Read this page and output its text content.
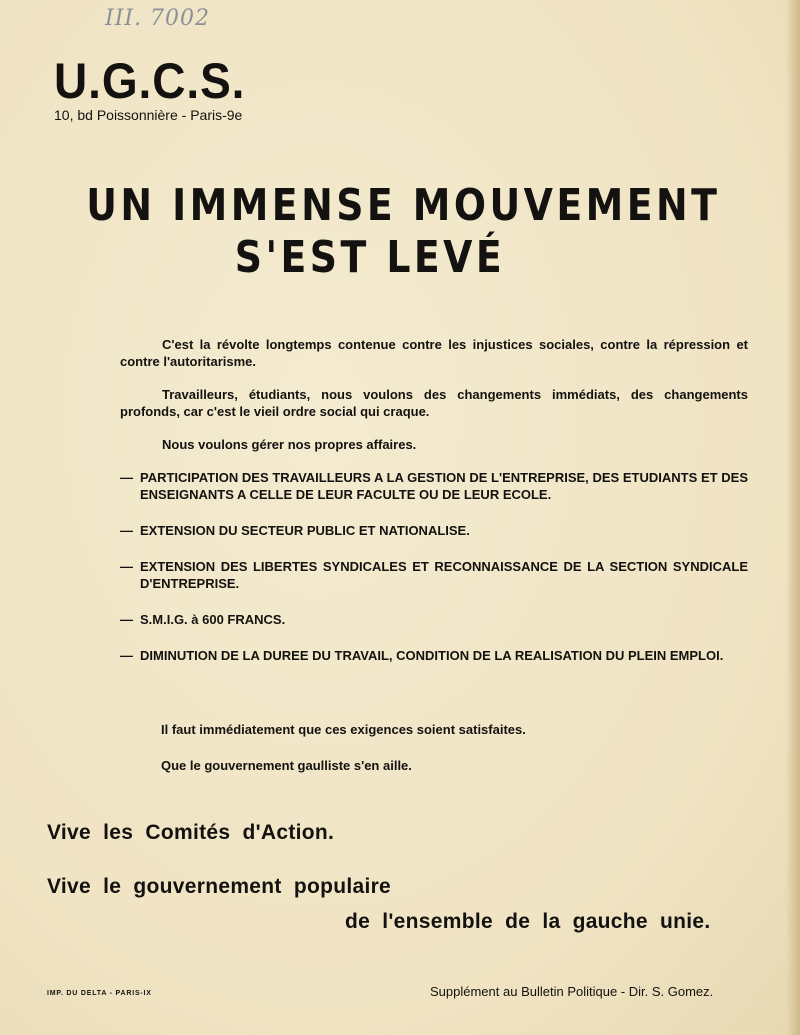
III. 7002
U.G.C.S.
10, bd Poissonnière - Paris-9e
UN IMMENSE MOUVEMENT
S'EST LEVÉ

C'est la révolte longtemps contenue contre les injustices sociales, contre la répression et contre l'autoritarisme.

Travailleurs, étudiants, nous voulons des changements immédiats, des changements profonds, car c'est le vieil ordre social qui craque.

Nous voulons gérer nos propres affaires.

— PARTICIPATION DES TRAVAILLEURS A LA GESTION DE L'ENTREPRISE, DES ETUDIANTS ET DES ENSEIGNANTS A CELLE DE LEUR FACULTE OU DE LEUR ECOLE.
— EXTENSION DU SECTEUR PUBLIC ET NATIONALISE.
— EXTENSION DES LIBERTES SYNDICALES ET RECONNAISSANCE DE LA SECTION SYNDICALE D'ENTREPRISE.
— S.M.I.G. à 600 FRANCS.
— DIMINUTION DE LA DUREE DU TRAVAIL, CONDITION DE LA REALISATION DU PLEIN EMPLOI.
Il faut immédiatement que ces exigences soient satisfaites.
Que le gouvernement gaulliste s'en aille.
Vive les Comités d'Action.
Vive le gouvernement populaire
de l'ensemble de la gauche unie.
IMP. DU DELTA - PARIS-IX	Supplément au Bulletin Politique - Dir. S. Gomez.
